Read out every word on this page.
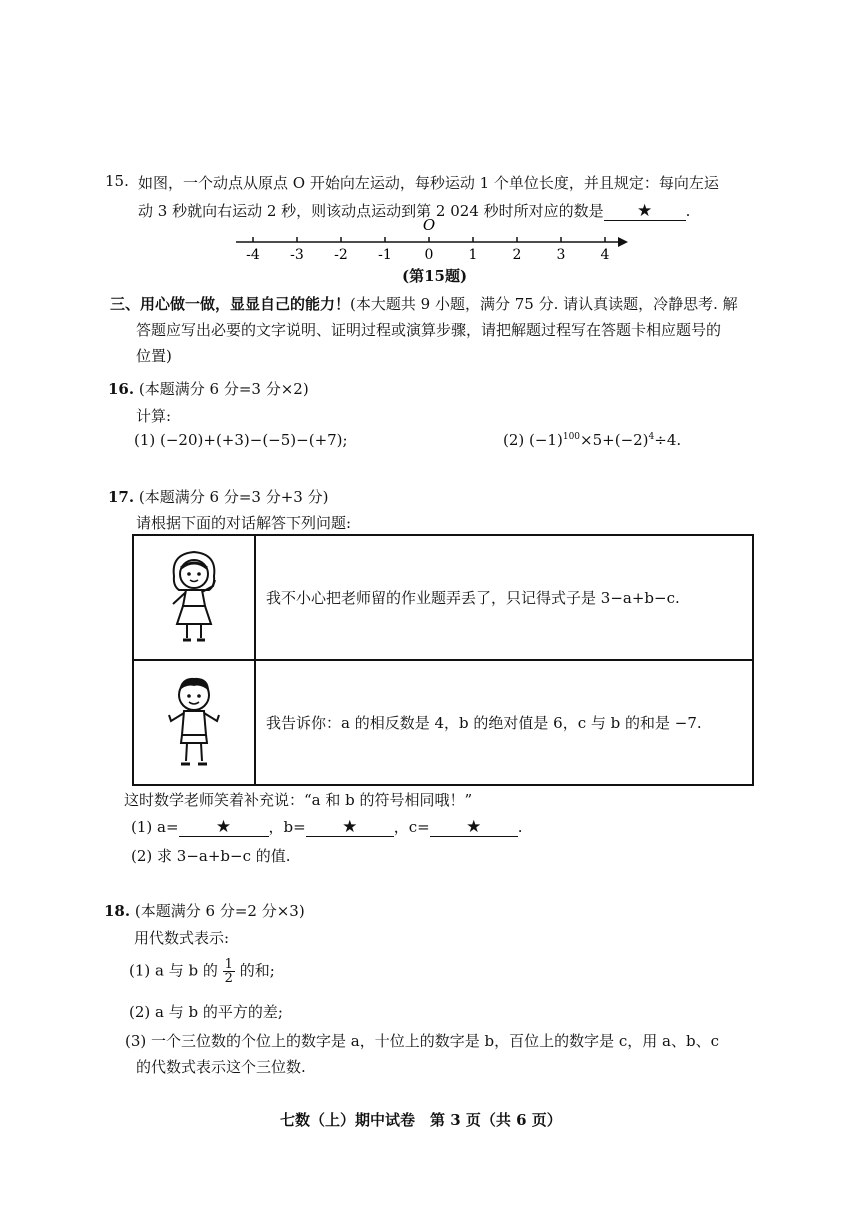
15. 如图，一个动点从原点 O 开始向左运动，每秒运动 1 个单位长度，并且规定：每向左运
动 3 秒就向右运动 2 秒，则该动点运动到第 2 024 秒时所对应的数是 ★ .
O
-4 -3 -2 -1 0	1	2	3	4
(第15题)
三、用心做一做，显显自己的能力！(本大题共 9 小题，满分 75 分. 请认真读题，冷静思考. 解
答题应写出必要的文字说明、证明过程或演算步骤，请把解题过程写在答题卡相应题号的
位置)
16. (本题满分 6 分=3 分×2)
计算:
(1) (−20)+(+3)−(−5)−(+7);	(2) $(-1)^{100}\times 5+(-2)^4\div 4$.
17. (本题满分 6 分=3 分+3 分)
请根据下面的对话解答下列问题:
	我不小心把老师留的作业题弄丢了，只记得式子是 3−a+b−c.
	我告诉你：a 的相反数是 4，b 的绝对值是 6，c 与 b 的和是 −7.
这时数学老师笑着补充说：“a 和 b 的符号相同哦！”
(1) a= ★ ，b= ★ ，c= ★ .
(2) 求 3−a+b−c 的值.
18. (本题满分 6 分=2 分×3)
用代数式表示:
(1) a 与 b 的 $\frac{1}{2}$ 的和;
(2) a 与 b 的平方的差;
(3) 一个三位数的个位上的数字是 a，十位上的数字是 b，百位上的数字是 c，用 a、b、c
的代数式表示这个三位数.
七数（上）期中试卷　第 3 页（共 6 页）
